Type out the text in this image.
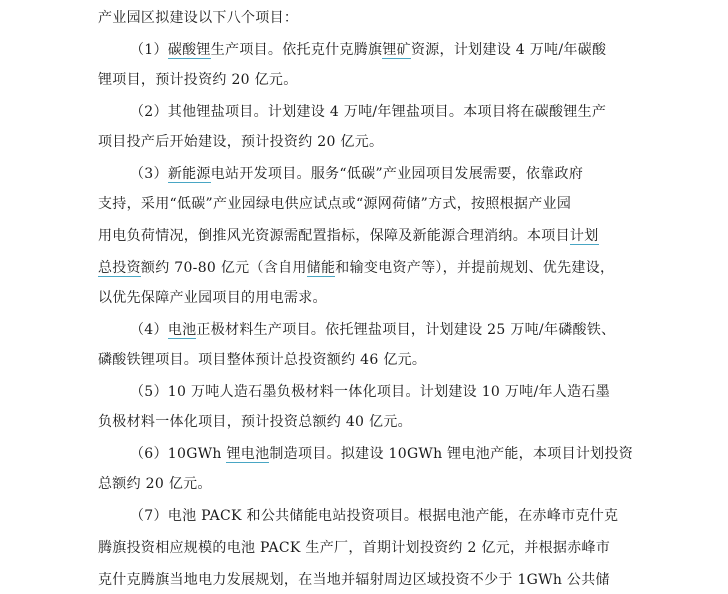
产业园区拟建设以下八个项目：
（1）碳酸锂生产项目。依托克什克腾旗锂矿资源，计划建设 4 万吨/年碳酸
锂项目，预计投资约 20 亿元。
（2）其他锂盐项目。计划建设 4 万吨/年锂盐项目。本项目将在碳酸锂生产
项目投产后开始建设，预计投资约 20 亿元。
（3）新能源电站开发项目。服务“低碳”产业园项目发展需要，依靠政府
支持，采用“低碳”产业园绿电供应试点或“源网荷储”方式，按照根据产业园
用电负荷情况，倒推风光资源需配置指标，保障及新能源合理消纳。本项目计划
总投资额约 70-80 亿元（含自用储能和输变电资产等），并提前规划、优先建设，
以优先保障产业园项目的用电需求。
（4）电池正极材料生产项目。依托锂盐项目，计划建设 25 万吨/年磷酸铁、
磷酸铁锂项目。项目整体预计总投资额约 46 亿元。
（5）10 万吨人造石墨负极材料一体化项目。计划建设 10 万吨/年人造石墨
负极材料一体化项目，预计投资总额约 40 亿元。
（6）10GWh 锂电池制造项目。拟建设 10GWh 锂电池产能，本项目计划投资
总额约 20 亿元。
（7）电池 PACK 和公共储能电站投资项目。根据电池产能，在赤峰市克什克
腾旗投资相应规模的电池 PACK 生产厂，首期计划投资约 2 亿元，并根据赤峰市
克什克腾旗当地电力发展规划，在当地并辐射周边区域投资不少于 1GWh 公共储
